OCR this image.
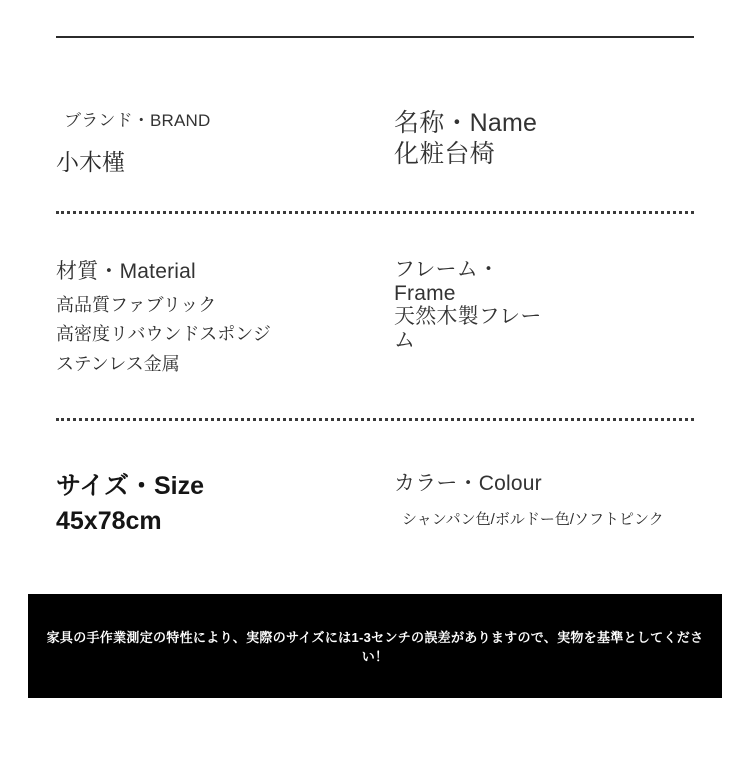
ブランド・BRAND
小木槿
名称・Name
化粧台椅
材質・Material
高品質ファブリック
高密度リバウンドスポンジ
ステンレス金属
フレーム・Frame
天然木製フレーム
サイズ・Size
45x78cm
カラー・Colour
シャンパン色/ボルドー色/ソフトピンク
家具の手作業測定の特性により、実際のサイズには1-3センチの誤差がありますので、実物を基準としてください！
